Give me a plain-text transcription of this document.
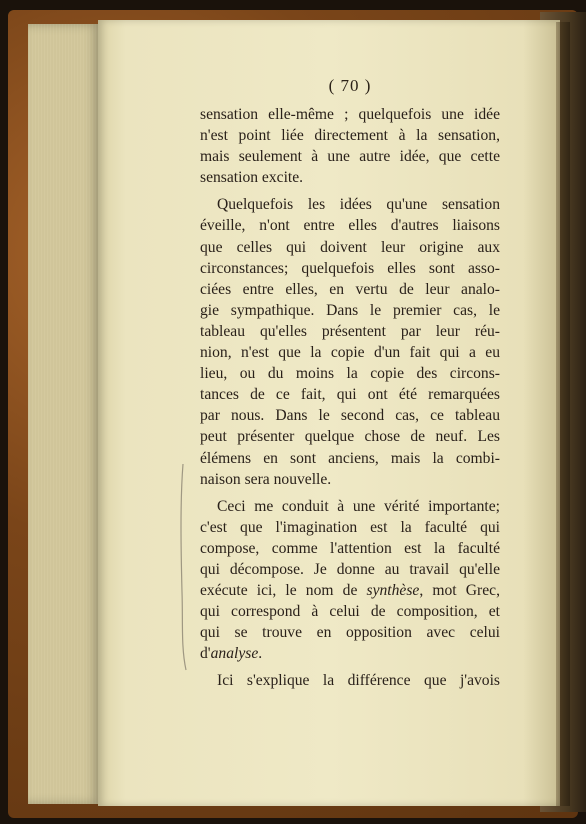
( 70 )
sensation elle-même ; quelquefois une idée
n'est point liée directement à la sensation,
mais seulement à une autre idée, que cette
sensation excite.
Quelquefois les idées qu'une sensation
éveille, n'ont entre elles d'autres liaisons
que celles qui doivent leur origine aux
circonstances; quelquefois elles sont asso-
ciées entre elles, en vertu de leur analo-
gie sympathique. Dans le premier cas, le
tableau qu'elles présentent par leur réu-
nion, n'est que la copie d'un fait qui a eu
lieu, ou du moins la copie des circons-
tances de ce fait, qui ont été remarquées
par nous. Dans le second cas, ce tableau
peut présenter quelque chose de neuf. Les
élémens en sont anciens, mais la combi-
naison sera nouvelle.
Ceci me conduit à une vérité importante;
c'est que l'imagination est la faculté qui
compose, comme l'attention est la faculté
qui décompose. Je donne au travail qu'elle
exécute ici, le nom de synthèse, mot Grec,
qui correspond à celui de composition, et
qui se trouve en opposition avec celui
d'analyse.
Ici s'explique la différence que j'avois
